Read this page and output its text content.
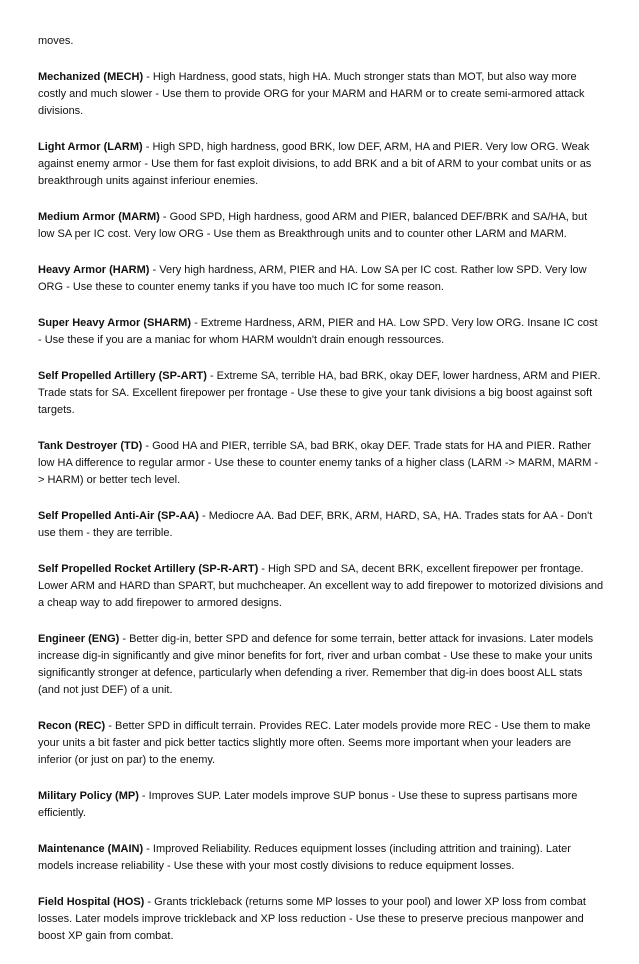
moves.

Mechanized (MECH) - High Hardness, good stats, high HA. Much stronger stats than MOT, but also way more costly and much slower - Use them to provide ORG for your MARM and HARM or to create semi-armored attack divisions.

Light Armor (LARM) - High SPD, high hardness, good BRK, low DEF, ARM, HA and PIER. Very low ORG. Weak against enemy armor - Use them for fast exploit divisions, to add BRK and a bit of ARM to your combat units or as breakthrough units against inferiour enemies.

Medium Armor (MARM) - Good SPD, High hardness, good ARM and PIER, balanced DEF/BRK and SA/HA, but low SA per IC cost. Very low ORG - Use them as Breakthrough units and to counter other LARM and MARM.

Heavy Armor (HARM) - Very high hardness, ARM, PIER and HA. Low SA per IC cost. Rather low SPD. Very low ORG - Use these to counter enemy tanks if you have too much IC for some reason.

Super Heavy Armor (SHARM) - Extreme Hardness, ARM, PIER and HA. Low SPD. Very low ORG. Insane IC cost - Use these if you are a maniac for whom HARM wouldn't drain enough ressources.

Self Propelled Artillery (SP-ART) - Extreme SA, terrible HA, bad BRK, okay DEF, lower hardness, ARM and PIER. Trade stats for SA. Excellent firepower per frontage - Use these to give your tank divisions a big boost against soft targets.

Tank Destroyer (TD) - Good HA and PIER, terrible SA, bad BRK, okay DEF. Trade stats for HA and PIER. Rather low HA difference to regular armor - Use these to counter enemy tanks of a higher class (LARM -> MARM, MARM -> HARM) or better tech level.

Self Propelled Anti-Air (SP-AA) - Mediocre AA. Bad DEF, BRK, ARM, HARD, SA, HA. Trades stats for AA - Don't use them - they are terrible.

Self Propelled Rocket Artillery (SP-R-ART) - High SPD and SA, decent BRK, excellent firepower per frontage. Lower ARM and HARD than SPART, but muchcheaper. An excellent way to add firepower to motorized divisions and a cheap way to add firepower to armored designs.

Engineer (ENG) - Better dig-in, better SPD and defence for some terrain, better attack for invasions. Later models increase dig-in significantly and give minor benefits for fort, river and urban combat - Use these to make your units significantly stronger at defence, particularly when defending a river. Remember that dig-in does boost ALL stats (and not just DEF) of a unit.

Recon (REC) - Better SPD in difficult terrain. Provides REC. Later models provide more REC - Use them to make your units a bit faster and pick better tactics slightly more often. Seems more important when your leaders are inferior (or just on par) to the enemy.

Military Policy (MP) - Improves SUP. Later models improve SUP bonus - Use these to supress partisans more efficiently.

Maintenance (MAIN) - Improved Reliability. Reduces equipment losses (including attrition and training). Later models increase reliability - Use these with your most costly divisions to reduce equipment losses.

Field Hospital (HOS) - Grants trickleback (returns some MP losses to your pool) and lower XP loss from combat losses. Later models improve trickleback and XP loss reduction - Use these to preserve precious manpower and boost XP gain from combat.
